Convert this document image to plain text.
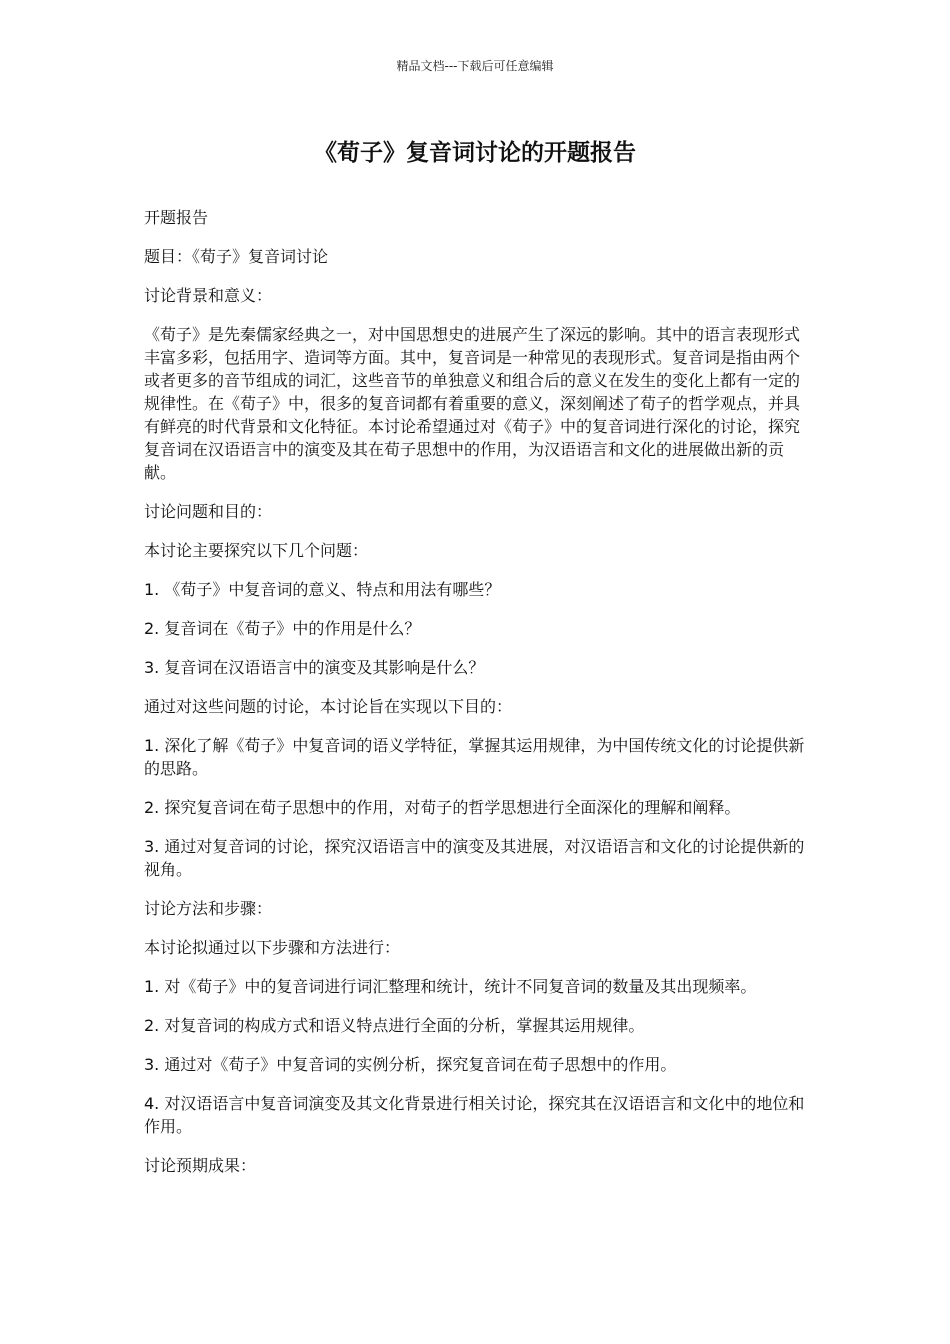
精品文档---下载后可任意编辑
《荀子》复音词讨论的开题报告

开题报告

题目：《荀子》复音词讨论

讨论背景和意义：

《荀子》是先秦儒家经典之一，对中国思想史的进展产生了深远的影响。其中的语言表现形式丰富多彩，包括用字、造词等方面。其中，复音词是一种常见的表现形式。复音词是指由两个或者更多的音节组成的词汇，这些音节的单独意义和组合后的意义在发生的变化上都有一定的规律性。在《荀子》中，很多的复音词都有着重要的意义，深刻阐述了荀子的哲学观点，并具有鲜亮的时代背景和文化特征。本讨论希望通过对《荀子》中的复音词进行深化的讨论，探究复音词在汉语语言中的演变及其在荀子思想中的作用，为汉语语言和文化的进展做出新的贡献。

讨论问题和目的：

本讨论主要探究以下几个问题：

1. 《荀子》中复音词的意义、特点和用法有哪些？

2. 复音词在《荀子》中的作用是什么？

3. 复音词在汉语语言中的演变及其影响是什么？

通过对这些问题的讨论，本讨论旨在实现以下目的：

1. 深化了解《荀子》中复音词的语义学特征，掌握其运用规律，为中国传统文化的讨论提供新的思路。

2. 探究复音词在荀子思想中的作用，对荀子的哲学思想进行全面深化的理解和阐释。

3. 通过对复音词的讨论，探究汉语语言中的演变及其进展，对汉语语言和文化的讨论提供新的视角。

讨论方法和步骤：

本讨论拟通过以下步骤和方法进行：

1. 对《荀子》中的复音词进行词汇整理和统计，统计不同复音词的数量及其出现频率。

2. 对复音词的构成方式和语义特点进行全面的分析，掌握其运用规律。

3. 通过对《荀子》中复音词的实例分析，探究复音词在荀子思想中的作用。

4. 对汉语语言中复音词演变及其文化背景进行相关讨论，探究其在汉语语言和文化中的地位和作用。

讨论预期成果：
